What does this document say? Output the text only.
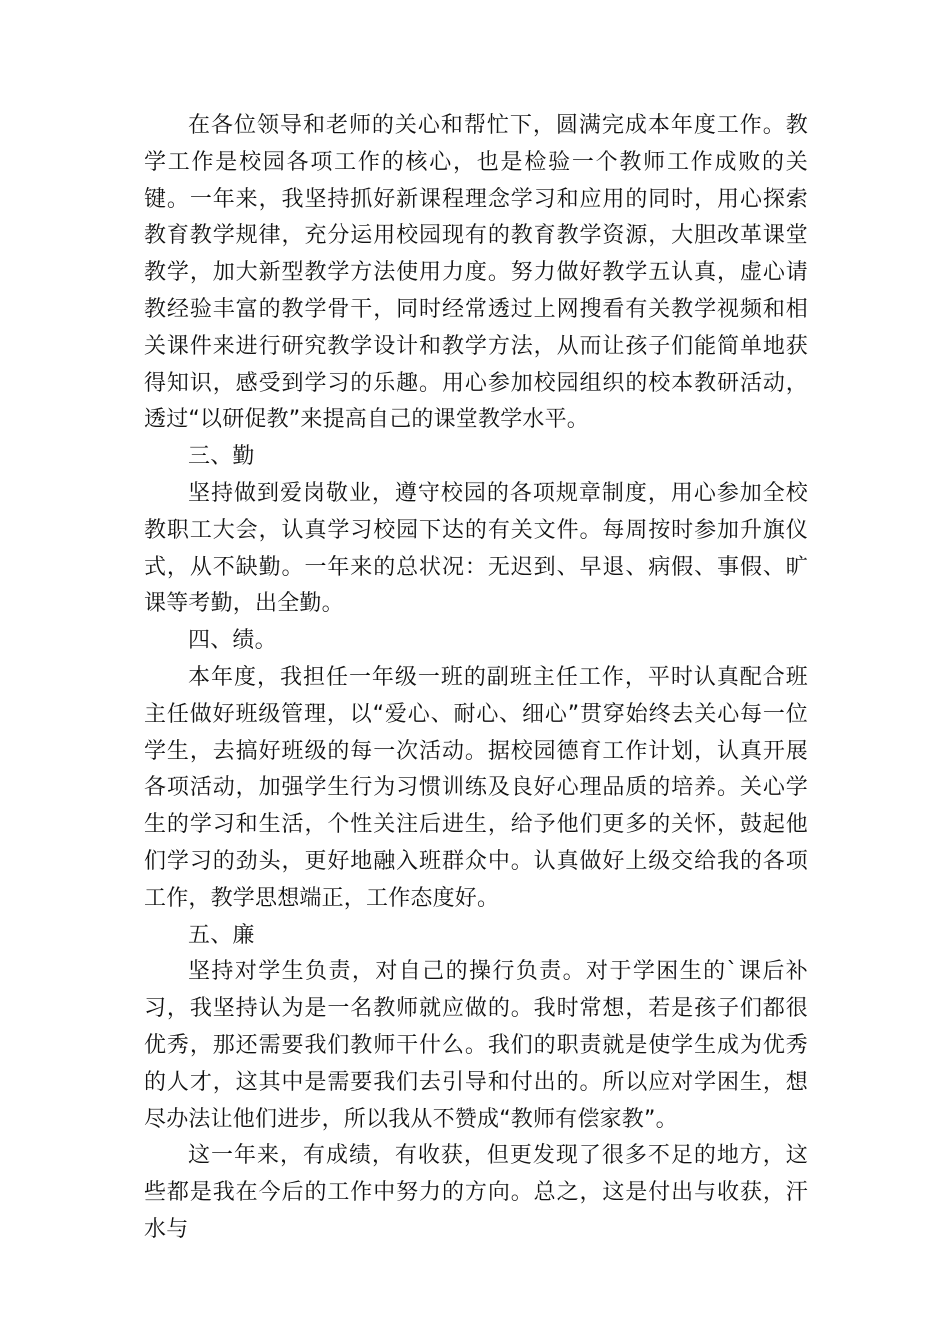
在各位领导和老师的关心和帮忙下，圆满完成本年度工作。教学工作是校园各项工作的核心，也是检验一个教师工作成败的关键。一年来，我坚持抓好新课程理念学习和应用的同时，用心探索教育教学规律，充分运用校园现有的教育教学资源，大胆改革课堂教学，加大新型教学方法使用力度。努力做好教学五认真，虚心请教经验丰富的教学骨干，同时经常透过上网搜看有关教学视频和相关课件来进行研究教学设计和教学方法，从而让孩子们能简单地获得知识，感受到学习的乐趣。用心参加校园组织的校本教研活动，透过“以研促教”来提高自己的课堂教学水平。

三、勤

坚持做到爱岗敬业，遵守校园的各项规章制度，用心参加全校教职工大会，认真学习校园下达的有关文件。每周按时参加升旗仪式，从不缺勤。一年来的总状况：无迟到、早退、病假、事假、旷课等考勤，出全勤。

四、绩。

本年度，我担任一年级一班的副班主任工作，平时认真配合班主任做好班级管理，以“爱心、耐心、细心”贯穿始终去关心每一位学生，去搞好班级的每一次活动。据校园德育工作计划，认真开展各项活动，加强学生行为习惯训练及良好心理品质的培养。关心学生的学习和生活，个性关注后进生，给予他们更多的关怀，鼓起他们学习的劲头，更好地融入班群众中。认真做好上级交给我的各项工作，教学思想端正，工作态度好。

五、廉

坚持对学生负责，对自己的操行负责。对于学困生的`课后补习，我坚持认为是一名教师就应做的。我时常想，若是孩子们都很优秀，那还需要我们教师干什么。我们的职责就是使学生成为优秀的人才，这其中是需要我们去引导和付出的。所以应对学困生，想尽办法让他们进步，所以我从不赞成“教师有偿家教”。

这一年来，有成绩，有收获，但更发现了很多不足的地方，这些都是我在今后的工作中努力的方向。总之，这是付出与收获，汗水与
